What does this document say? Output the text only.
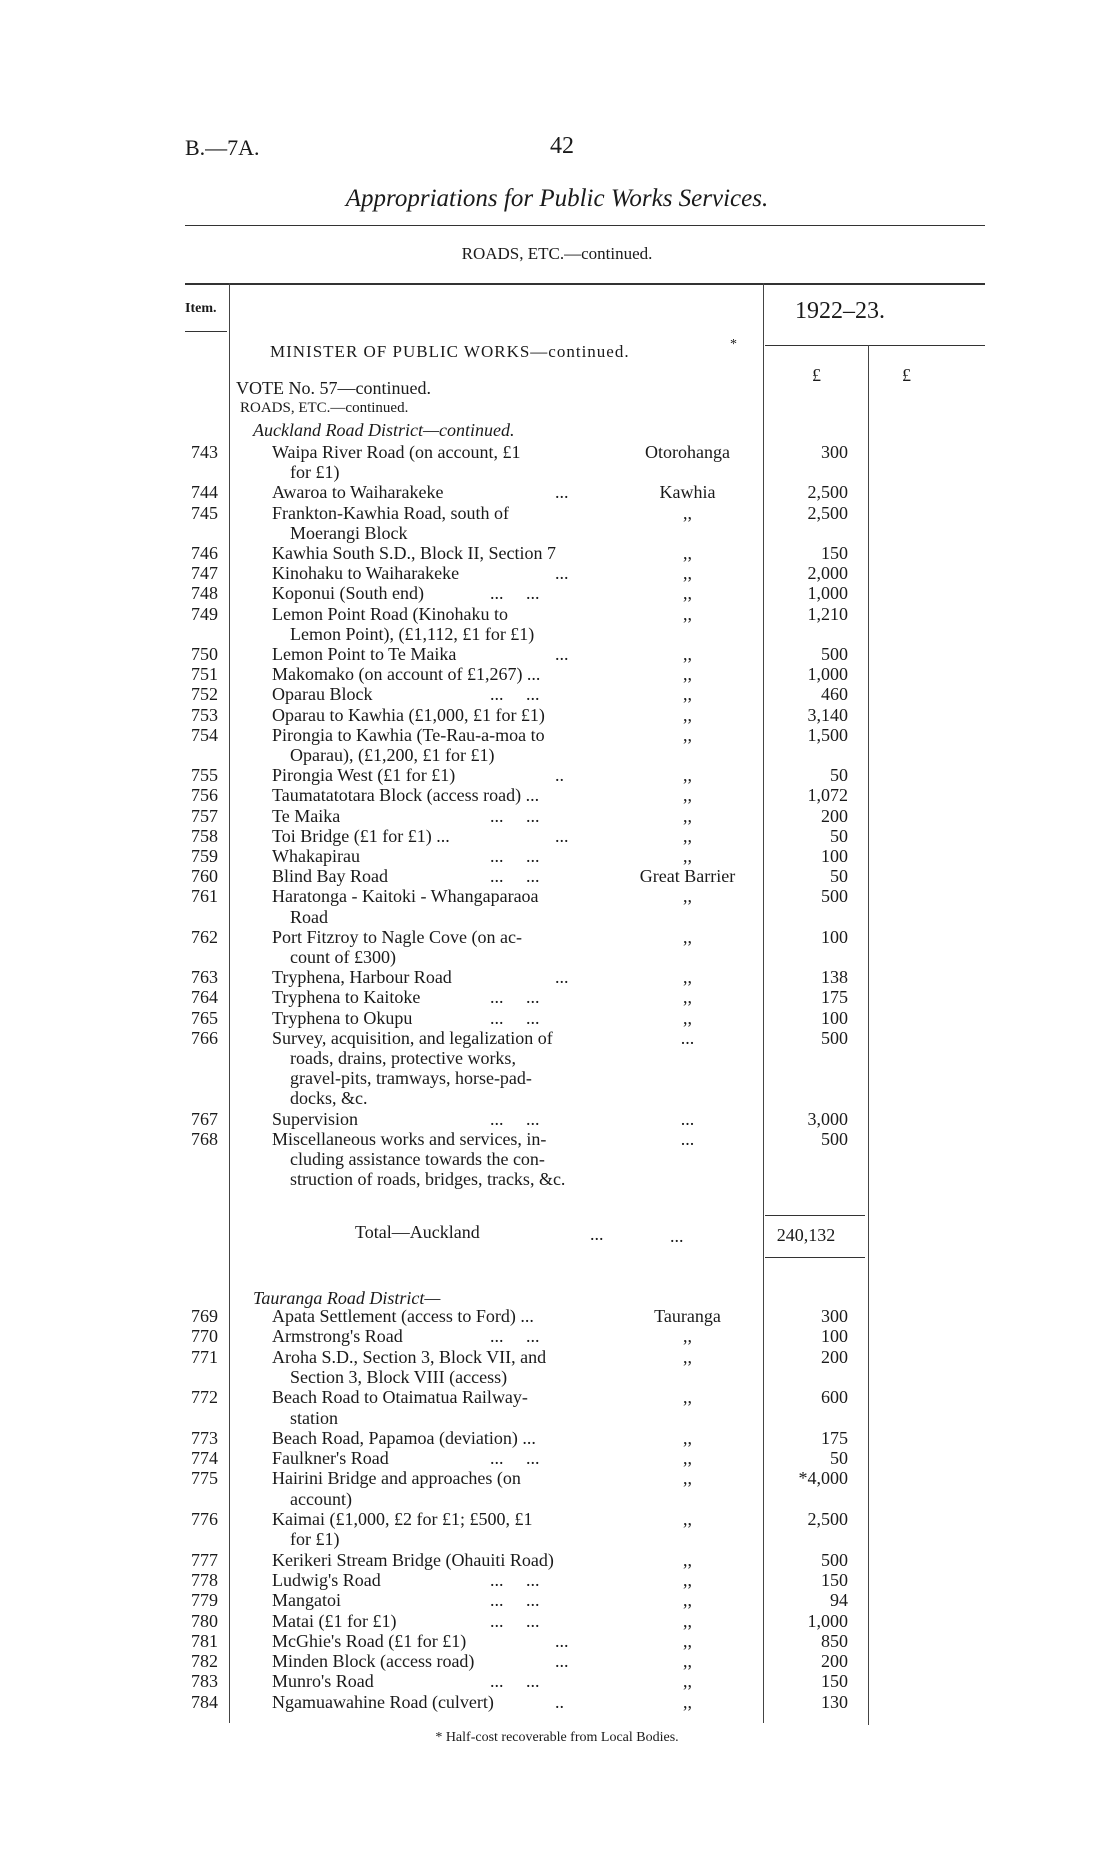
B.—7A.	42
Appropriations for Public Works Services.
ROADS, ETC.—continued.
Item.	1922–23.
£	£
MINISTER OF PUBLIC WORKS—continued.	*
VOTE No. 57—continued.
ROADS, ETC.—continued.
Auckland Road District—continued.
743	Waipa River Road (on account, £1	Otorohanga	300
for £1)
744	Awaroa to Waiharakeke	...	Kawhia	2,500
745	Frankton-Kawhia Road, south of	,,	2,500
Moerangi Block
746	Kawhia South S.D., Block II, Section 7	,,	150
747	Kinohaku to Waiharakeke	...	,,	2,000
748	Koponui (South end)	...     ...	,,	1,000
749	Lemon Point Road (Kinohaku to	,,	1,210
Lemon Point), (£1,112, £1 for £1)
750	Lemon Point to Te Maika	...	,,	500
751	Makomako (on account of £1,267) ...	,,	1,000
752	Oparau Block	...     ...	,,	460
753	Oparau to Kawhia (£1,000, £1 for £1)	,,	3,140
754	Pirongia to Kawhia (Te-Rau-a-moa to	,,	1,500
Oparau), (£1,200, £1 for £1)
755	Pirongia West (£1 for £1)	..	,,	50
756	Taumatatotara Block (access road) ...	,,	1,072
757	Te Maika	...     ...	,,	200
758	Toi Bridge (£1 for £1) ...	...	,,	50
759	Whakapirau	...     ...	,,	100
760	Blind Bay Road	...     ...	Great Barrier	50
761	Haratonga - Kaitoki - Whangaparaoa	,,	500
Road
762	Port Fitzroy to Nagle Cove (on ac-	,,	100
count of £300)
763	Tryphena, Harbour Road	...	,,	138
764	Tryphena to Kaitoke	...     ...	,,	175
765	Tryphena to Okupu	...     ...	,,	100
766	Survey, acquisition, and legalization of	...	500
roads, drains, protective works,
gravel-pits, tramways, horse-pad-
docks, &c.
767	Supervision	...     ...	...	3,000
768	Miscellaneous works and services, in-	...	500
cluding assistance towards the con-
struction of roads, bridges, tracks, &c.
Total—Auckland	...	...	240,132
Tauranga Road District—
769	Apata Settlement (access to Ford) ...	Tauranga	300
770	Armstrong's Road	...     ...	,,	100
771	Aroha S.D., Section 3, Block VII, and	,,	200
Section 3, Block VIII (access)
772	Beach Road to Otaimatua Railway-	,,	600
station
773	Beach Road, Papamoa (deviation) ...	,,	175
774	Faulkner's Road	...     ...	,,	50
775	Hairini Bridge and approaches (on	,,	*4,000
account)
776	Kaimai (£1,000, £2 for £1; £500, £1	,,	2,500
for £1)
777	Kerikeri Stream Bridge (Ohauiti Road)	,,	500
778	Ludwig's Road	...     ...	,,	150
779	Mangatoi	...     ...	,,	94
780	Matai (£1 for £1)	...     ...	,,	1,000
781	McGhie's Road (£1 for £1)	...	,,	850
782	Minden Block (access road)	...	,,	200
783	Munro's Road	...     ...	,,	150
784	Ngamuawahine Road (culvert)	..	,,	130
* Half-cost recoverable from Local Bodies.
